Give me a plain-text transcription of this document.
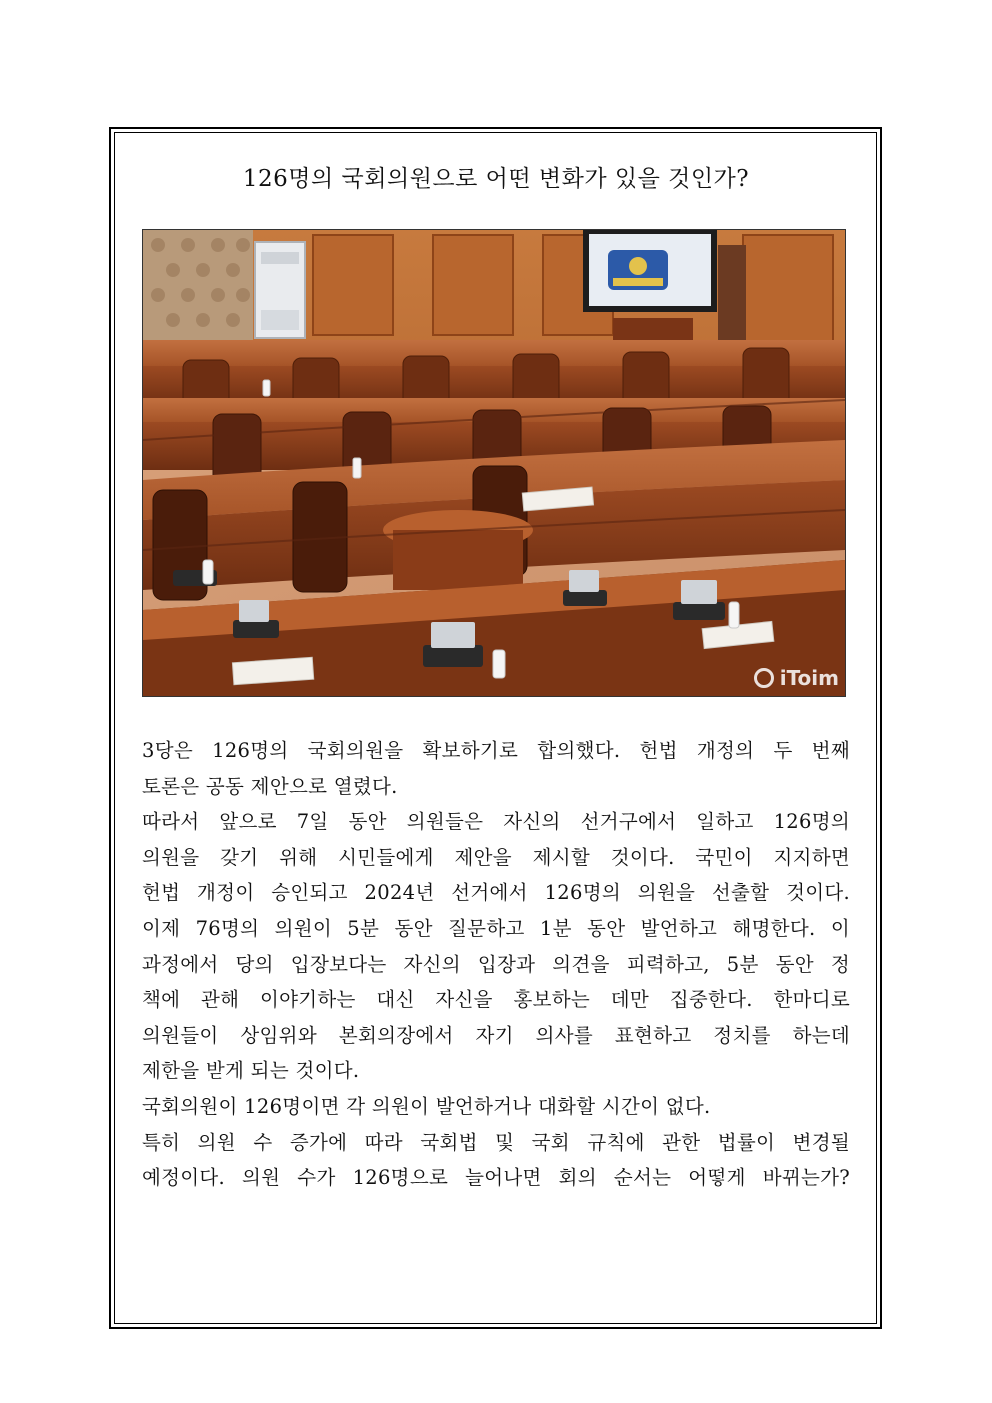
126명의 국회의원으로 어떤 변화가 있을 것인가?
iToim
3당은 126명의 국회의원을 확보하기로 합의했다. 헌법 개정의 두 번째
토론은 공동 제안으로 열렸다.
따라서 앞으로 7일 동안 의원들은 자신의 선거구에서 일하고 126명의
의원을 갖기 위해 시민들에게 제안을 제시할 것이다. 국민이 지지하면
헌법 개정이 승인되고 2024년 선거에서 126명의 의원을 선출할 것이다.
이제 76명의 의원이 5분 동안 질문하고 1분 동안 발언하고 해명한다. 이
과정에서 당의 입장보다는 자신의 입장과 의견을 피력하고, 5분 동안 정
책에 관해 이야기하는 대신 자신을 홍보하는 데만 집중한다. 한마디로
의원들이 상임위와 본회의장에서 자기 의사를 표현하고 정치를 하는데
제한을 받게 되는 것이다.
국회의원이 126명이면 각 의원이 발언하거나 대화할 시간이 없다.
특히 의원 수 증가에 따라 국회법 및 국회 규칙에 관한 법률이 변경될
예정이다. 의원 수가 126명으로 늘어나면 회의 순서는 어떻게 바뀌는가?
